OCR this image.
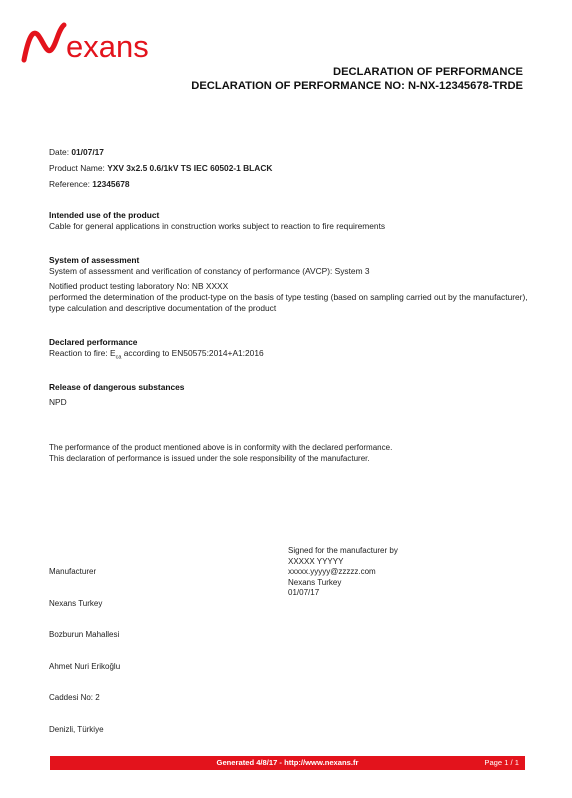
exans
DECLARATION OF PERFORMANCE
DECLARATION OF PERFORMANCE NO: N-NX-12345678-TRDE
Date: 01/07/17
Product Name: YXV 3x2.5 0.6/1kV TS IEC 60502-1 BLACK
Reference: 12345678
Intended use of the product
Cable for general applications in construction works subject to reaction to fire requirements
System of assessment
System of assessment and verification of constancy of performance (AVCP): System 3
Notified product testing laboratory No: NB XXXX
performed the determination of the product-type on the basis of type testing (based on sampling carried out by the manufacturer), type calculation and descriptive documentation of the product
Declared performance
Reaction to fire: $E_{ca}$ according to EN50575:2014+A1:2016
Release of dangerous substances
NPD
The performance of the product mentioned above is in conformity with the declared performance.
This declaration of performance is issued under the sole responsibility of the manufacturer.

Manufacturer

Nexans Turkey

Bozburun Mahallesi

Ahmet Nuri Erikoğlu

Caddesi No: 2

Denizli, Türkiye

Signed for the manufacturer by
XXXXX YYYYY
xxxxx.yyyyy@zzzzz.com
Nexans Turkey
01/07/17
Generated 4/8/17 - http://www.nexans.fr	Page 1 / 1
